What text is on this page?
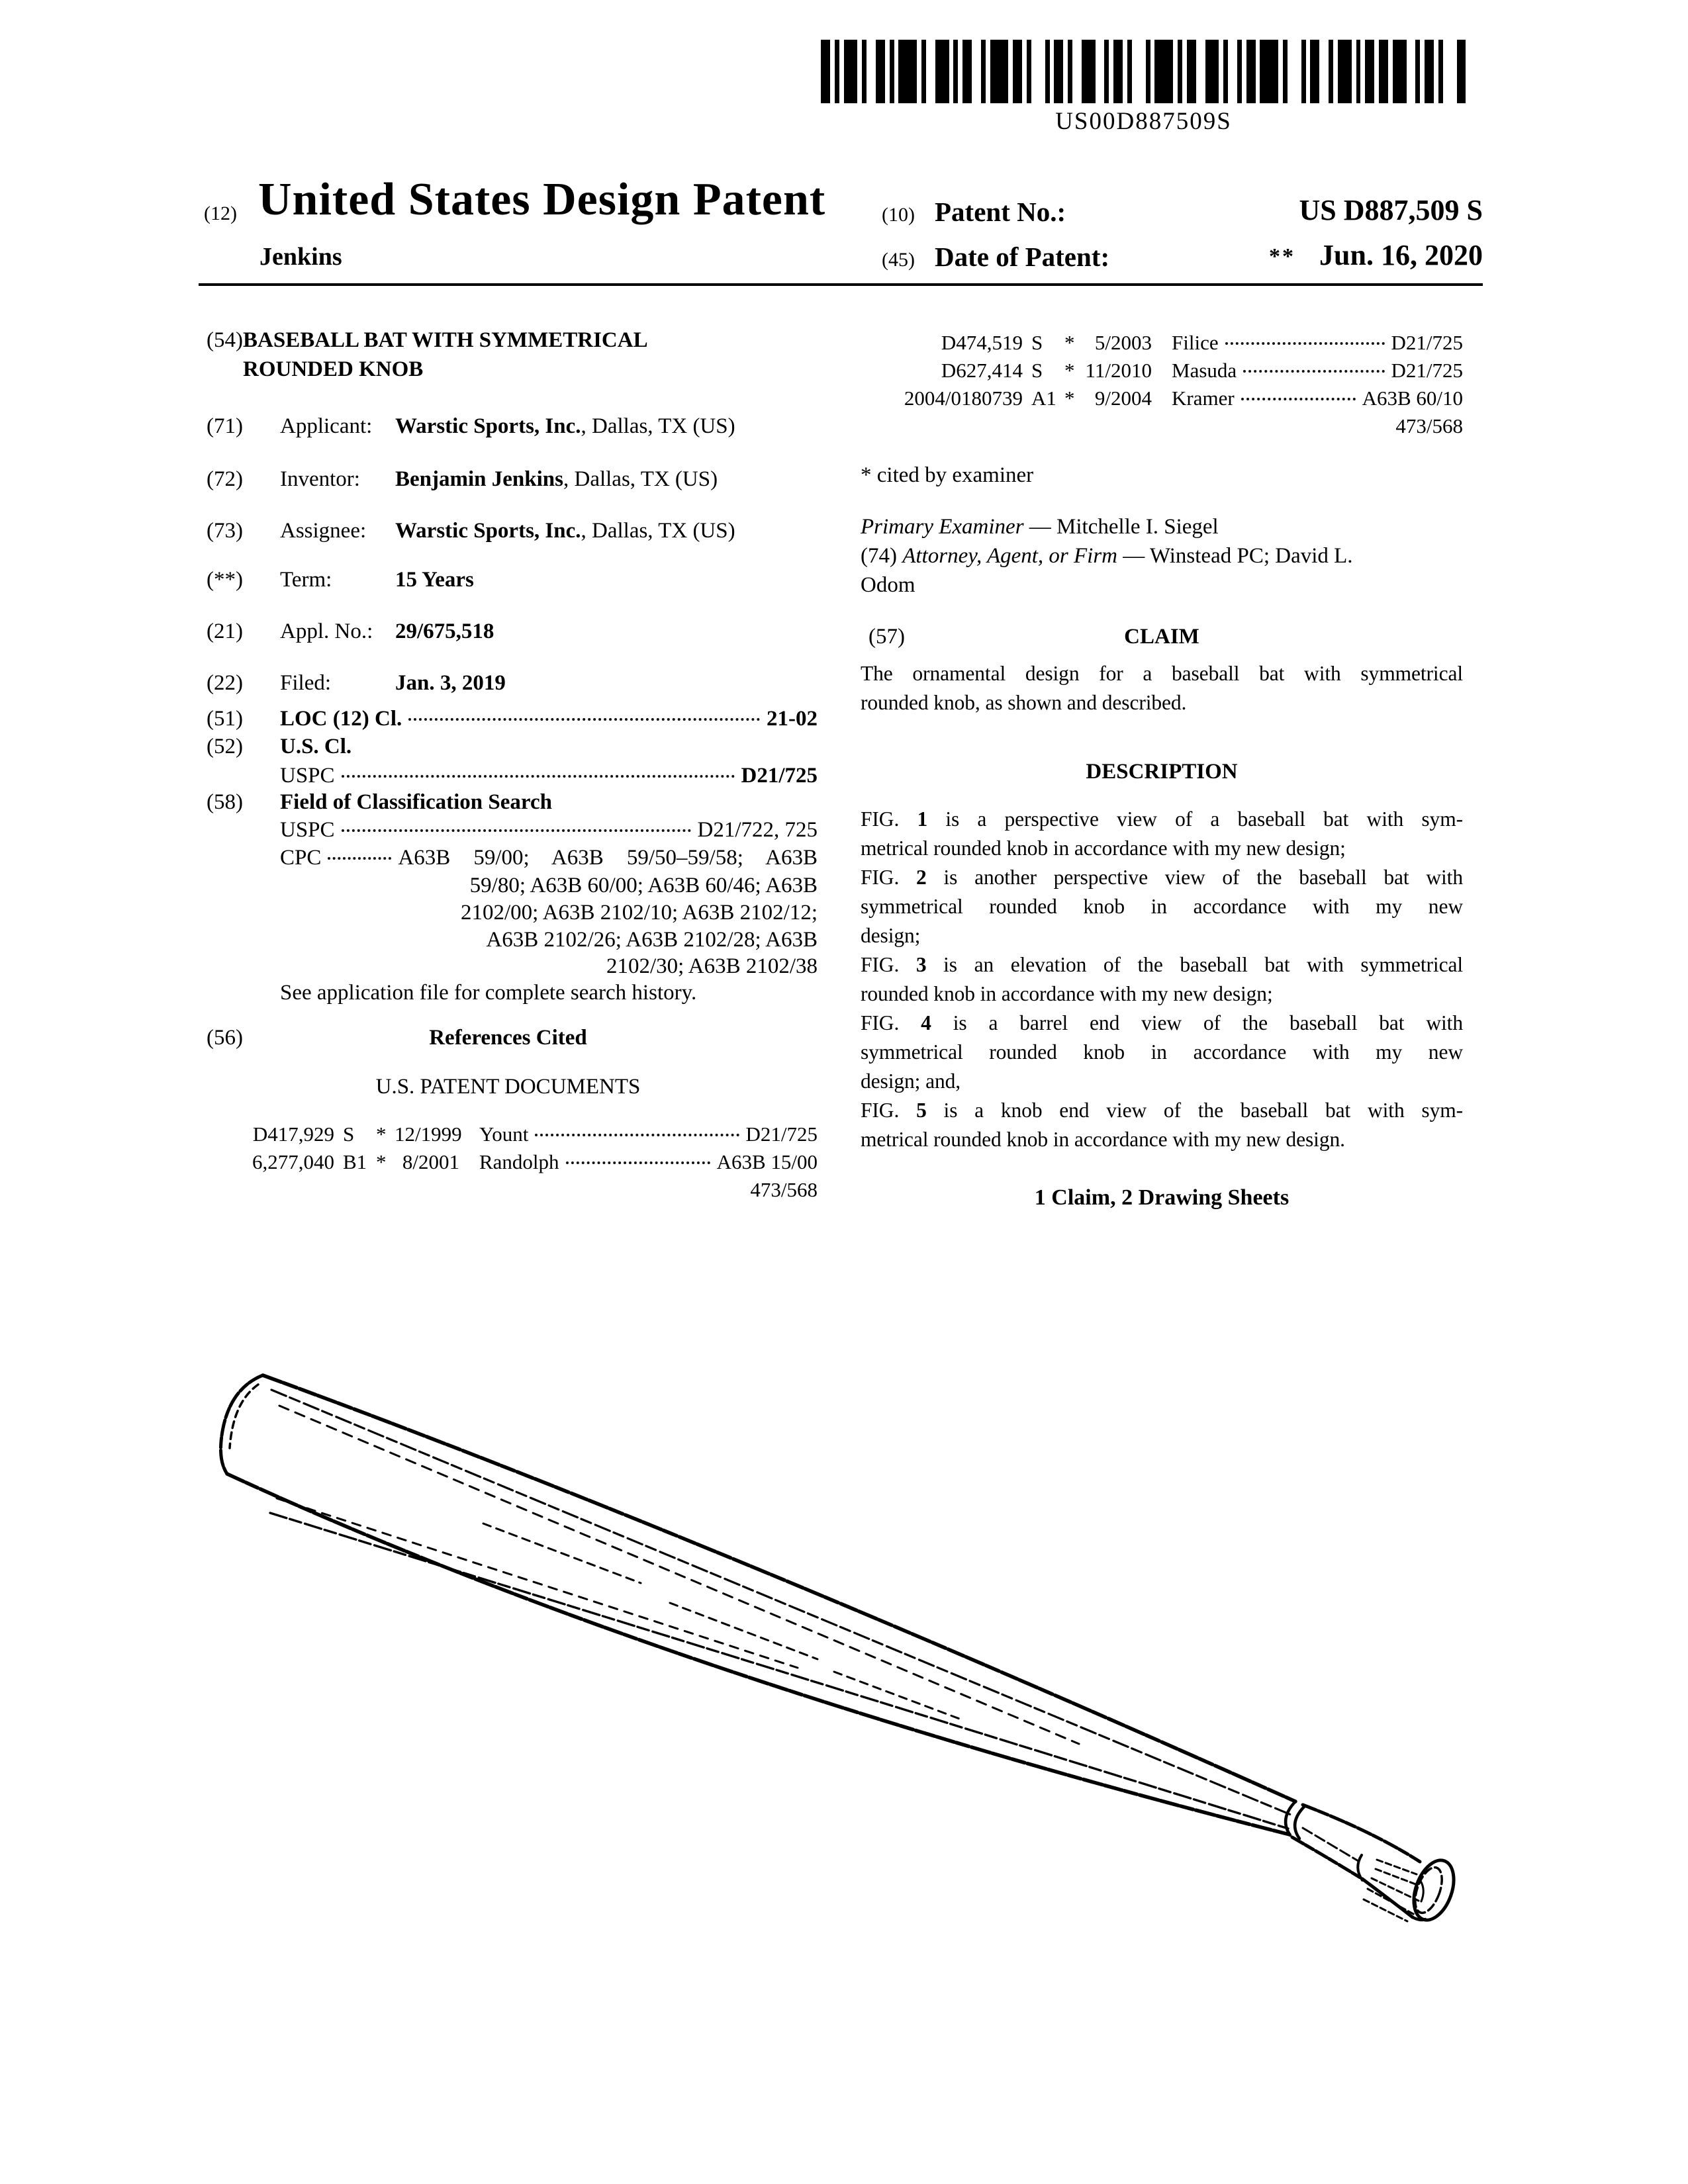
US00D887509S
(12) United States Design Patent
Jenkins
(10) Patent No.:	US D887,509 S
(45) Date of Patent:	** Jun. 16, 2020
(54) BASEBALL BAT WITH SYMMETRICAL
ROUNDED KNOB
(71) Applicant: Warstic Sports, Inc., Dallas, TX (US)
(72) Inventor: Benjamin Jenkins, Dallas, TX (US)
(73) Assignee: Warstic Sports, Inc., Dallas, TX (US)
(**) Term:	15 Years
(21) Appl. No.: 29/675,518
(22) Filed:	Jan. 3, 2019
(51) LOC (12) Cl.	21-02
(52) U.S. Cl.
USPC	D21/725
(58) Field of Classification Search
USPC	D21/722, 725
CPC	A63B 59/00; A63B 59/50–59/58; A63B
59/80; A63B 60/00; A63B 60/46; A63B
2102/00; A63B 2102/10; A63B 2102/12;
A63B 2102/26; A63B 2102/28; A63B
2102/30; A63B 2102/38
See application file for complete search history.
(56)	References Cited
U.S. PATENT DOCUMENTS
D417,929 S	* 12/1999 Yount	D21/725
6,277,040 B1 * 8/2001 Randolph	A63B 15/00
473/568
D474,519 S	* 5/2003 Filice	D21/725
D627,414 S	* 11/2010 Masuda	D21/725
2004/0180739 A1 * 9/2004 Kramer	A63B 60/10
473/568
* cited by examiner
Primary Examiner — Mitchelle I. Siegel
(74) Attorney, Agent, or Firm — Winstead PC; David L.
Odom
(57)	CLAIM
The ornamental design for a baseball bat with symmetrical
rounded knob, as shown and described.
DESCRIPTION
FIG. 1 is a perspective view of a baseball bat with sym-
metrical rounded knob in accordance with my new design;
FIG. 2 is another perspective view of the baseball bat with
symmetrical rounded knob in accordance with my new
design;
FIG. 3 is an elevation of the baseball bat with symmetrical
rounded knob in accordance with my new design;
FIG. 4 is a barrel end view of the baseball bat with
symmetrical rounded knob in accordance with my new
design; and,
FIG. 5 is a knob end view of the baseball bat with sym-
metrical rounded knob in accordance with my new design.
1 Claim, 2 Drawing Sheets
